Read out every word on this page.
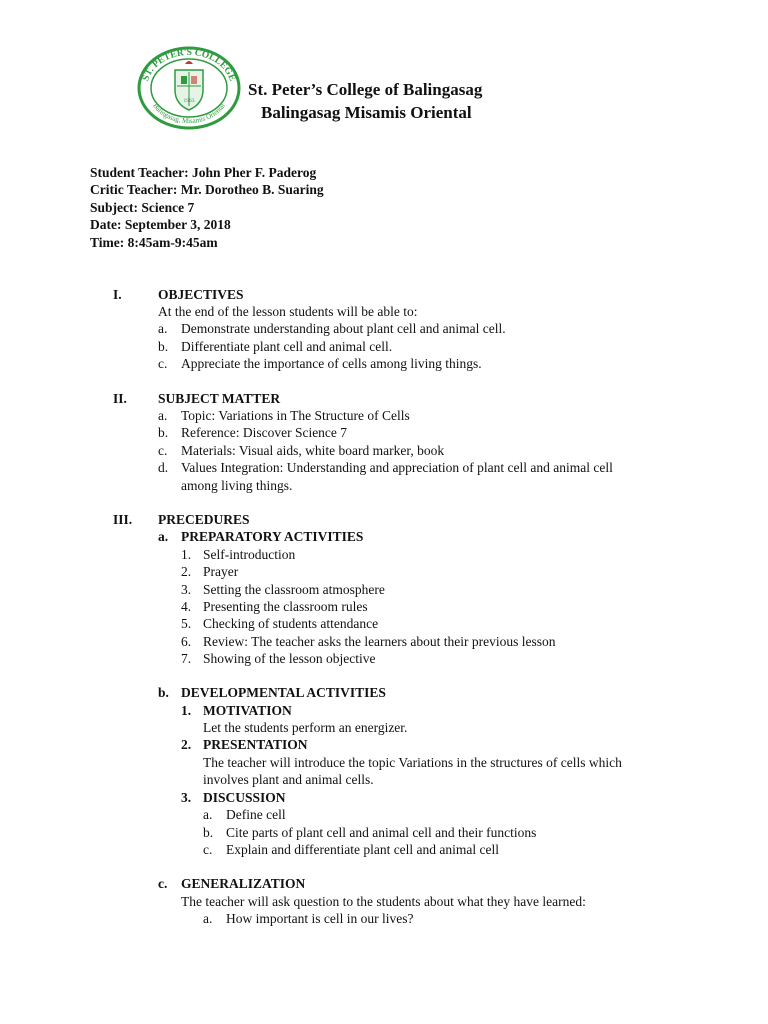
ST. PETER'S COLLEGE
Balingasag, Misamis Oriental
1963
St. Peter’s College of Balingasag
Balingasag Misamis Oriental
Student Teacher: John Pher F. Paderog
Critic Teacher: Mr. Dorotheo B. Suaring
Subject: Science 7
Date: September 3, 2018
Time: 8:45am-9:45am
I.	OBJECTIVES
At the end of the lesson students will be able to:
a. Demonstrate understanding about plant cell and animal cell.
b. Differentiate plant cell and animal cell.
c. Appreciate the importance of cells among living things.
II. SUBJECT MATTER
a. Topic: Variations in The Structure of Cells
b. Reference: Discover Science 7
c. Materials: Visual aids, white board marker, book
d. Values Integration: Understanding and appreciation of plant cell and animal cell
among living things.
III. PRECEDURES
a. PREPARATORY ACTIVITIES
1. Self-introduction
2. Prayer
3. Setting the classroom atmosphere
4. Presenting the classroom rules
5. Checking of students attendance
6. Review: The teacher asks the learners about their previous lesson
7. Showing of the lesson objective
b. DEVELOPMENTAL ACTIVITIES
1. MOTIVATION
Let the students perform an energizer.
2. PRESENTATION
The teacher will introduce the topic Variations in the structures of cells which
involves plant and animal cells.
3. DISCUSSION
a. Define cell
b. Cite parts of plant cell and animal cell and their functions
c. Explain and differentiate plant cell and animal cell
c. GENERALIZATION
The teacher will ask question to the students about what they have learned:
a. How important is cell in our lives?
